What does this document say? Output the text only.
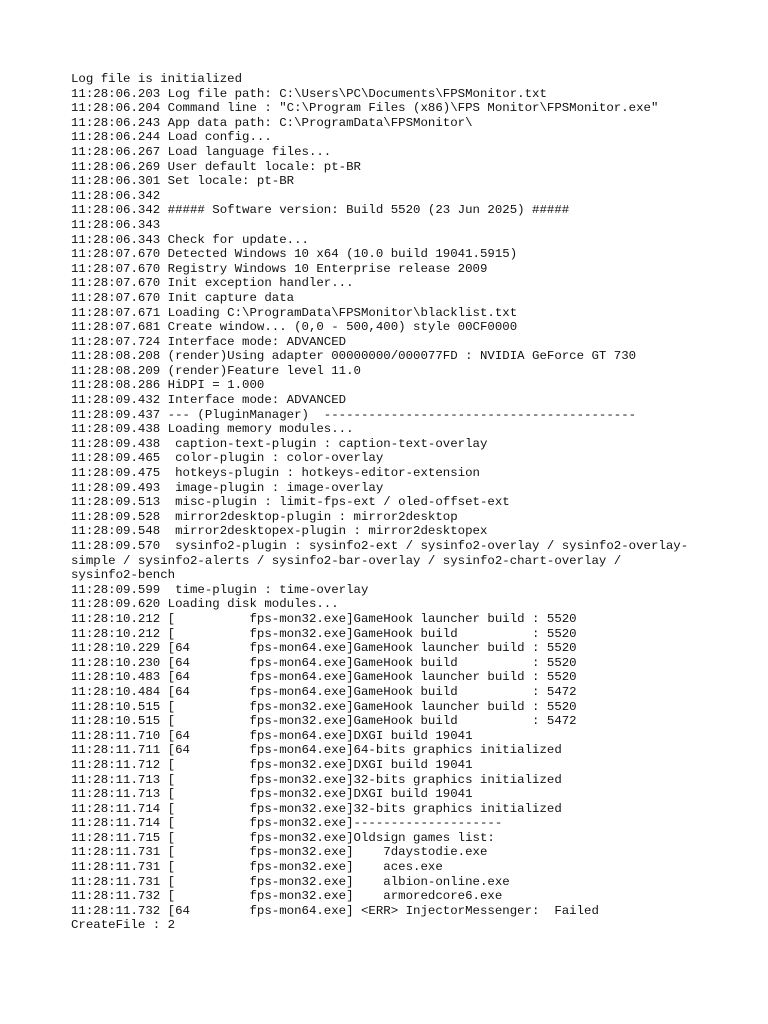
Log file is initialized
11:28:06.203 Log file path: C:\Users\PC\Documents\FPSMonitor.txt
11:28:06.204 Command line : "C:\Program Files (x86)\FPS Monitor\FPSMonitor.exe"
11:28:06.243 App data path: C:\ProgramData\FPSMonitor\
11:28:06.244 Load config...
11:28:06.267 Load language files...
11:28:06.269 User default locale: pt-BR
11:28:06.301 Set locale: pt-BR
11:28:06.342
11:28:06.342 ##### Software version: Build 5520 (23 Jun 2025) #####
11:28:06.343
11:28:06.343 Check for update...
11:28:07.670 Detected Windows 10 x64 (10.0 build 19041.5915)
11:28:07.670 Registry Windows 10 Enterprise release 2009
11:28:07.670 Init exception handler...
11:28:07.670 Init capture data
11:28:07.671 Loading C:\ProgramData\FPSMonitor\blacklist.txt
11:28:07.681 Create window... (0,0 - 500,400) style 00CF0000
11:28:07.724 Interface mode: ADVANCED
11:28:08.208 (render)Using adapter 00000000/000077FD : NVIDIA GeForce GT 730
11:28:08.209 (render)Feature level 11.0
11:28:08.286 HiDPI = 1.000
11:28:09.432 Interface mode: ADVANCED
11:28:09.437 --- (PluginManager)  ------------------------------------------
11:28:09.438 Loading memory modules...
11:28:09.438  caption-text-plugin : caption-text-overlay
11:28:09.465  color-plugin : color-overlay
11:28:09.475  hotkeys-plugin : hotkeys-editor-extension
11:28:09.493  image-plugin : image-overlay
11:28:09.513  misc-plugin : limit-fps-ext / oled-offset-ext
11:28:09.528  mirror2desktop-plugin : mirror2desktop
11:28:09.548  mirror2desktopex-plugin : mirror2desktopex
11:28:09.570  sysinfo2-plugin : sysinfo2-ext / sysinfo2-overlay / sysinfo2-overlay-
simple / sysinfo2-alerts / sysinfo2-bar-overlay / sysinfo2-chart-overlay /
sysinfo2-bench
11:28:09.599  time-plugin : time-overlay
11:28:09.620 Loading disk modules...
11:28:10.212 [          fps-mon32.exe]GameHook launcher build : 5520
11:28:10.212 [          fps-mon32.exe]GameHook build          : 5520
11:28:10.229 [64        fps-mon64.exe]GameHook launcher build : 5520
11:28:10.230 [64        fps-mon64.exe]GameHook build          : 5520
11:28:10.483 [64        fps-mon64.exe]GameHook launcher build : 5520
11:28:10.484 [64        fps-mon64.exe]GameHook build          : 5472
11:28:10.515 [          fps-mon32.exe]GameHook launcher build : 5520
11:28:10.515 [          fps-mon32.exe]GameHook build          : 5472
11:28:11.710 [64        fps-mon64.exe]DXGI build 19041
11:28:11.711 [64        fps-mon64.exe]64-bits graphics initialized
11:28:11.712 [          fps-mon32.exe]DXGI build 19041
11:28:11.713 [          fps-mon32.exe]32-bits graphics initialized
11:28:11.713 [          fps-mon32.exe]DXGI build 19041
11:28:11.714 [          fps-mon32.exe]32-bits graphics initialized
11:28:11.714 [          fps-mon32.exe]--------------------
11:28:11.715 [          fps-mon32.exe]Oldsign games list:
11:28:11.731 [          fps-mon32.exe]    7daystodie.exe
11:28:11.731 [          fps-mon32.exe]    aces.exe
11:28:11.731 [          fps-mon32.exe]    albion-online.exe
11:28:11.732 [          fps-mon32.exe]    armoredcore6.exe
11:28:11.732 [64        fps-mon64.exe] <ERR> InjectorMessenger:  Failed
CreateFile : 2
